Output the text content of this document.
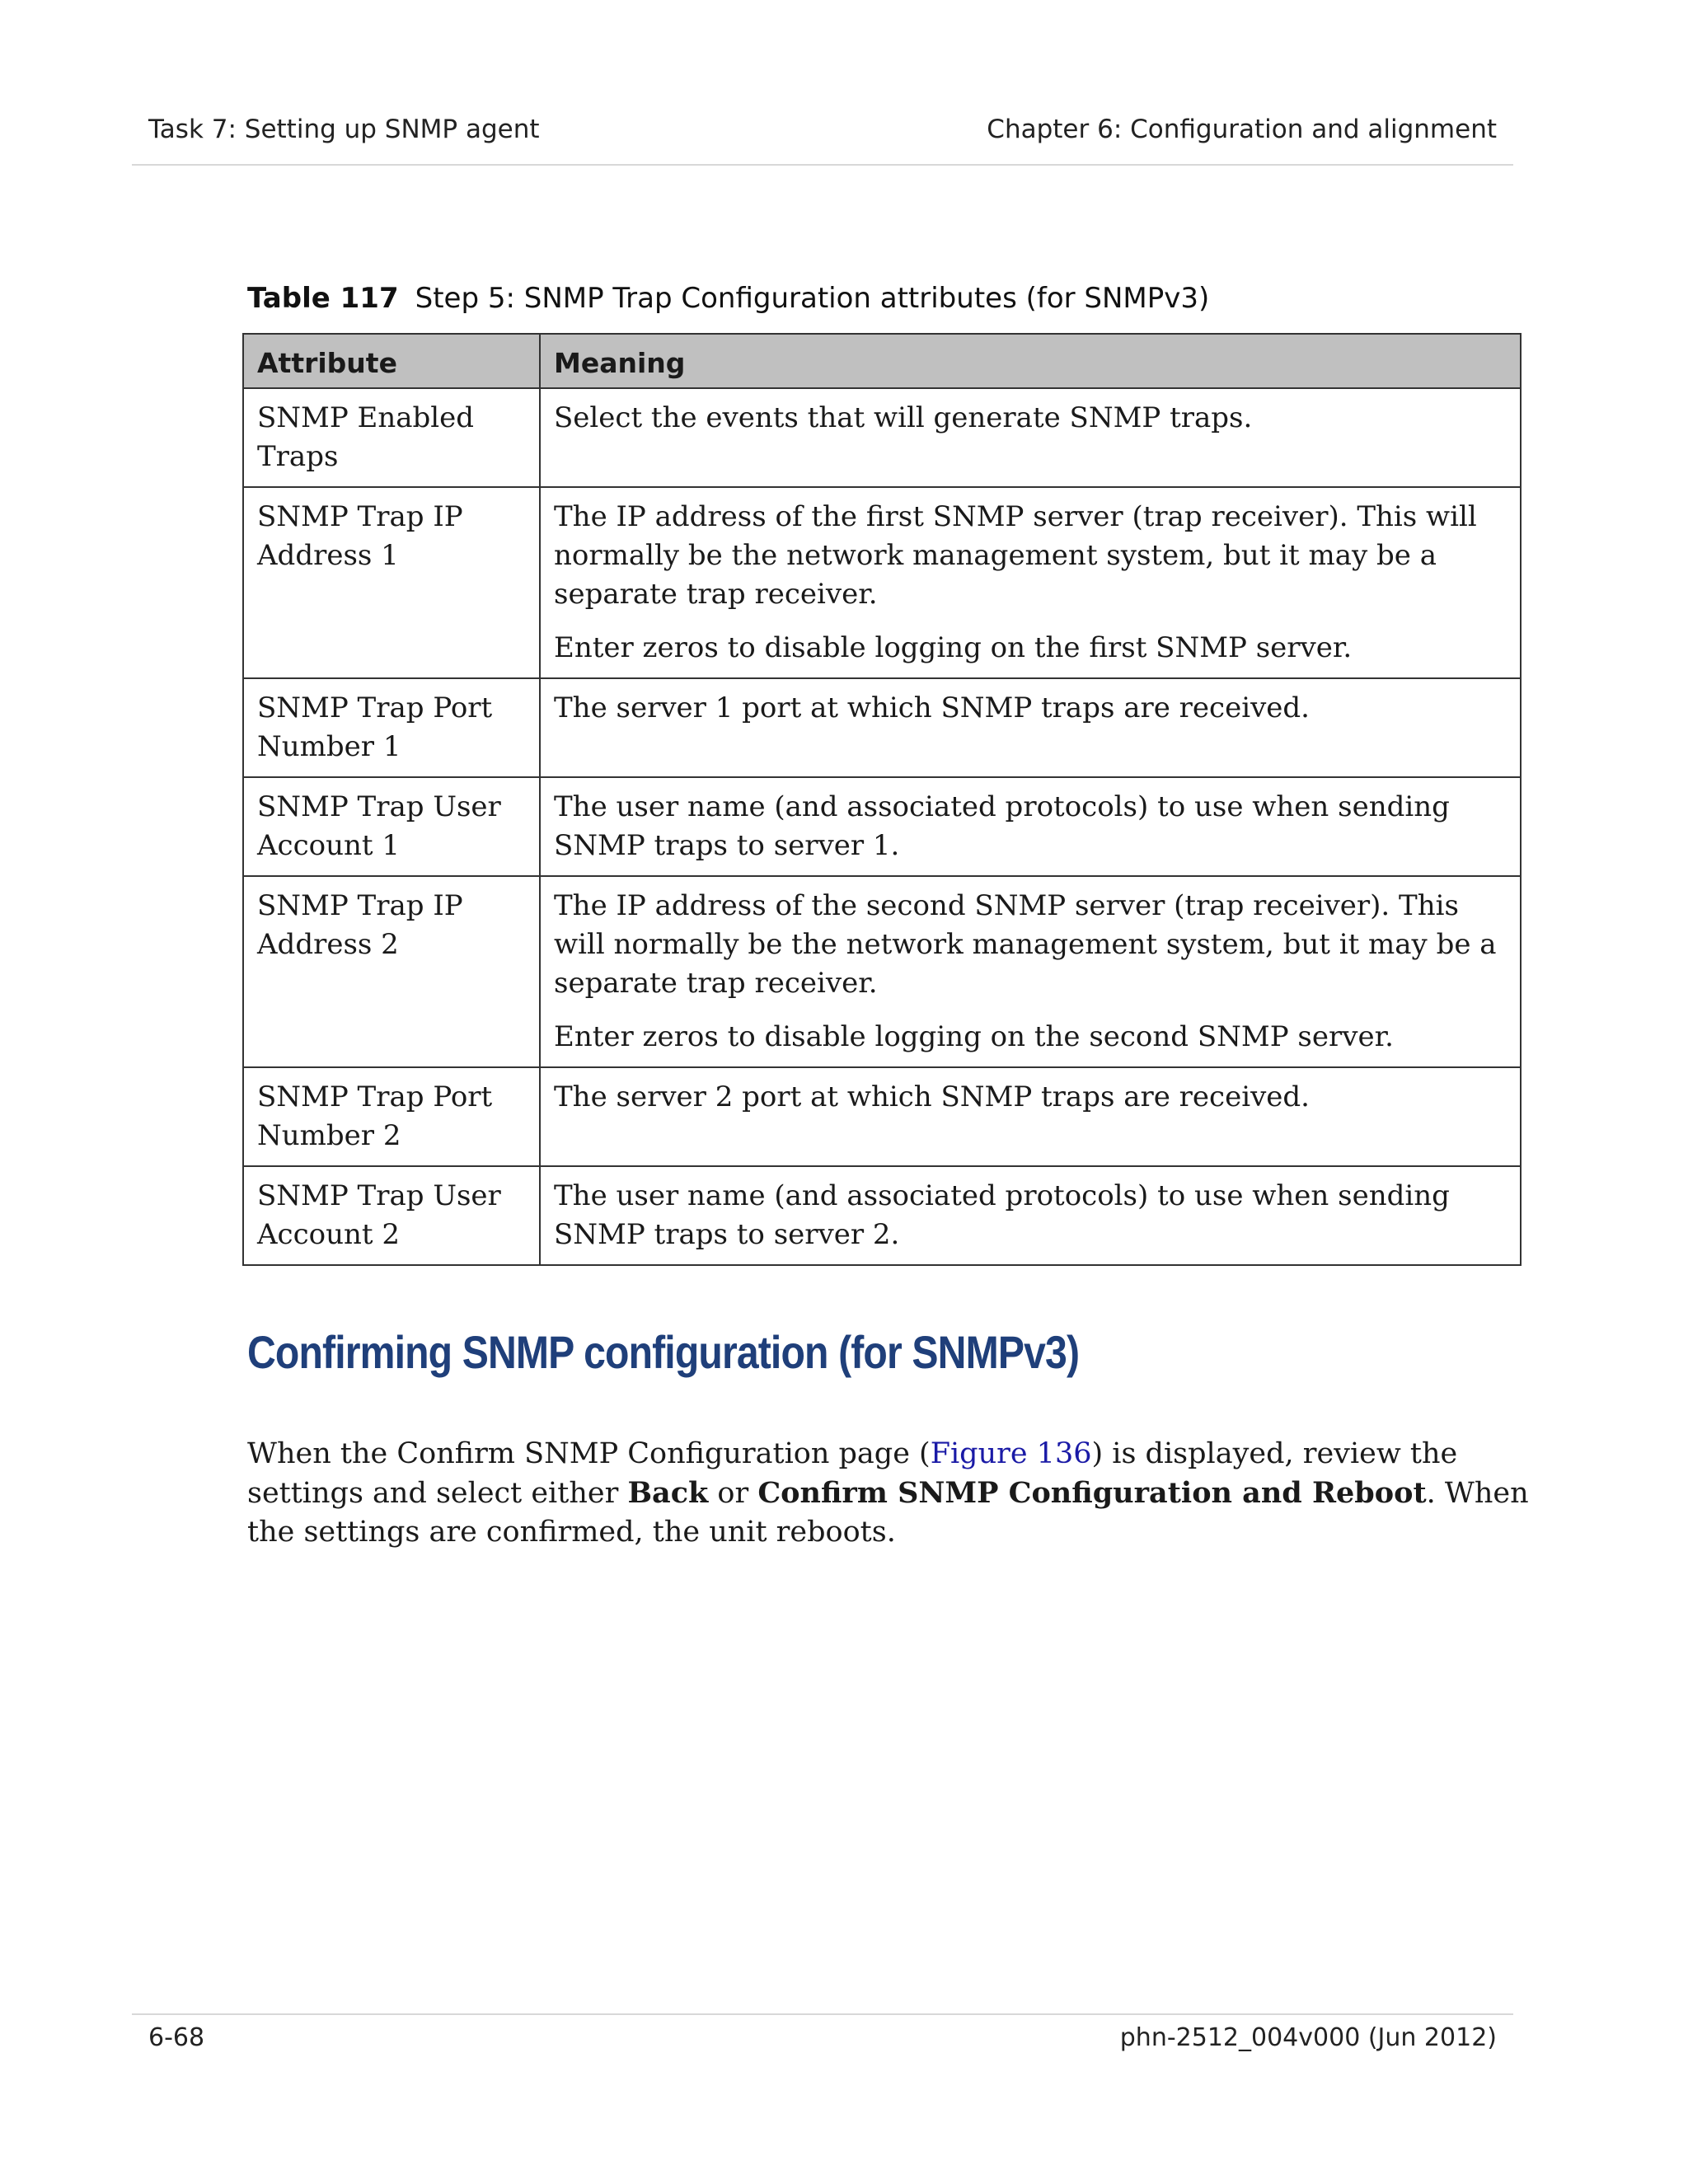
Task 7: Setting up SNMP agent	Chapter 6: Configuration and alignment
Table 117 Step 5: SNMP Trap Configuration attributes (for SNMPv3)
Attribute	Meaning
SNMP Enabled Traps	Select the events that will generate SNMP traps.

SNMP Trap IP Address 1	The IP address of the first SNMP server (trap receiver). This will normally be the network management system, but it may be a separate trap receiver.

Enter zeros to disable logging on the first SNMP server.

SNMP Trap Port Number 1	The server 1 port at which SNMP traps are received.

SNMP Trap User Account 1	The user name (and associated protocols) to use when sending SNMP traps to server 1.

SNMP Trap IP Address 2	The IP address of the second SNMP server (trap receiver). This will normally be the network management system, but it may be a separate trap receiver.

Enter zeros to disable logging on the second SNMP server.

SNMP Trap Port Number 2	The server 2 port at which SNMP traps are received.

SNMP Trap User Account 2	The user name (and associated protocols) to use when sending SNMP traps to server 2.

Confirming SNMP configuration (for SNMPv3)

When the Confirm SNMP Configuration page (Figure 136) is displayed, review the settings and select either Back or Confirm SNMP Configuration and Reboot. When the settings are confirmed, the unit reboots.

6-68	phn-2512_004v000 (Jun 2012)
